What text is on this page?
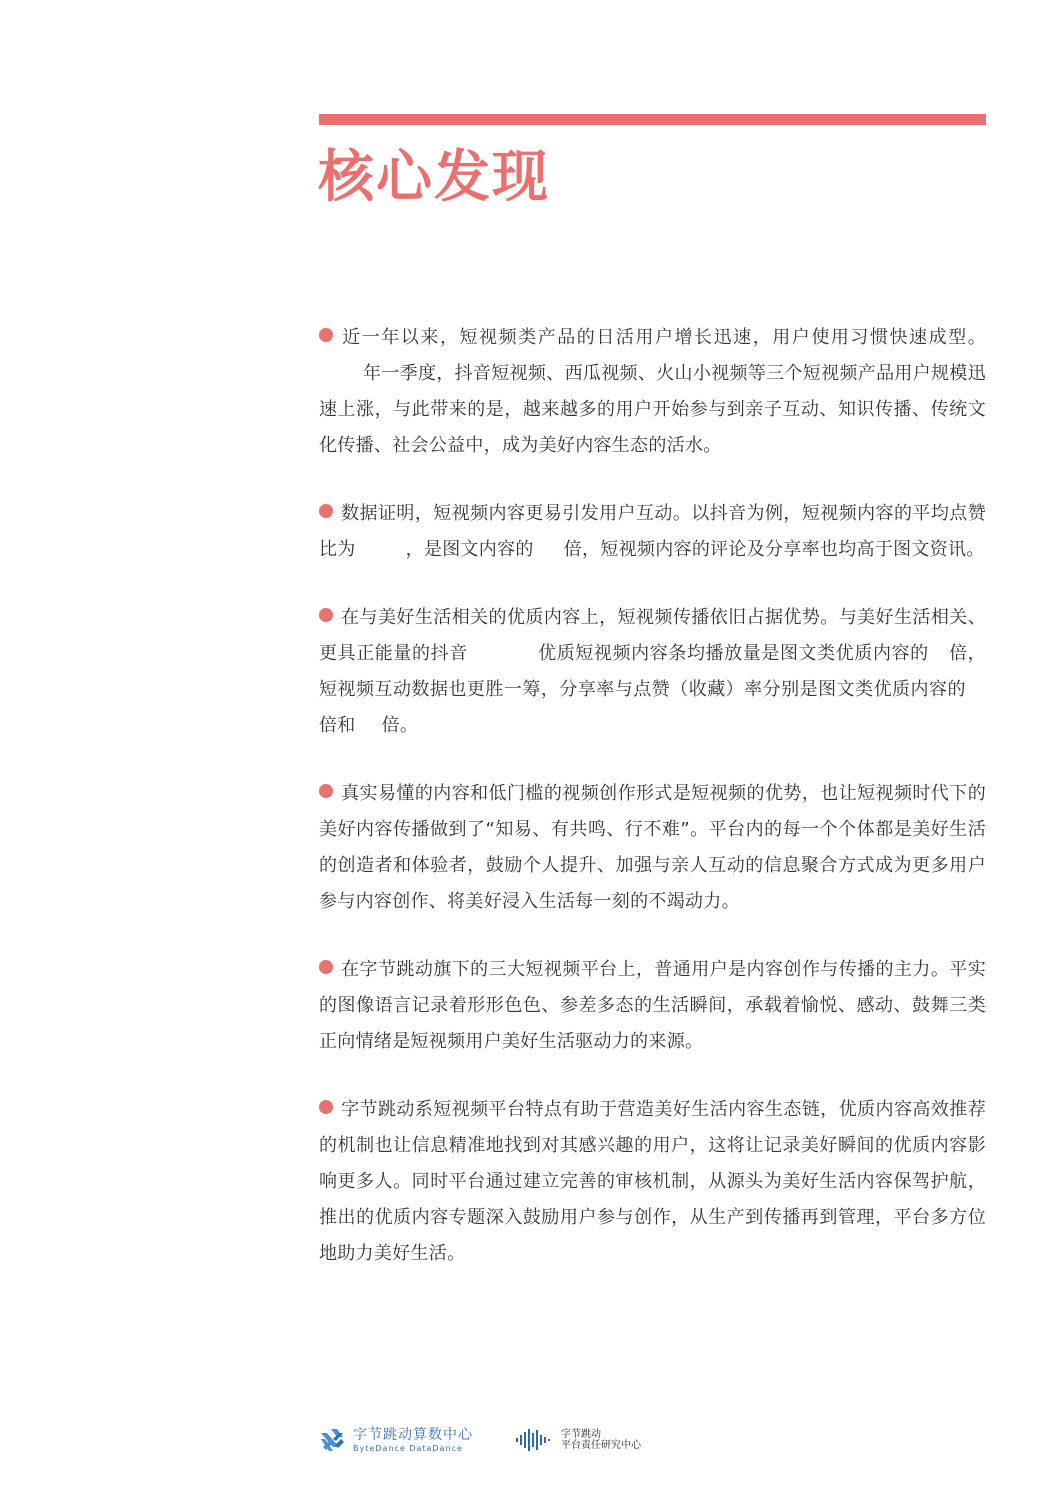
核心发现

近一年以来，短视频类产品的日活用户增长迅速，用户使用习惯快速成型。年一季度，抖音短视频、西瓜视频、火山小视频等三个短视频产品用户规模迅速上涨，与此带来的是，越来越多的用户开始参与到亲子互动、知识传播、传统文化传播、社会公益中，成为美好内容生态的活水。

数据证明，短视频内容更易引发用户互动。以抖音为例，短视频内容的平均点赞比为	，是图文内容的 倍，短视频内容的评论及分享率也均高于图文资讯。

在与美好生活相关的优质内容上，短视频传播依旧占据优势。与美好生活相关、更具正能量的抖音	优质短视频内容条均播放量是图文类优质内容的 倍，短视频互动数据也更胜一筹，分享率与点赞（收藏）率分别是图文类优质内容的倍和 倍。

真实易懂的内容和低门槛的视频创作形式是短视频的优势，也让短视频时代下的美好内容传播做到了“知易、有共鸣、行不难”。平台内的每一个个体都是美好生活的创造者和体验者，鼓励个人提升、加强与亲人互动的信息聚合方式成为更多用户参与内容创作、将美好浸入生活每一刻的不竭动力。

在字节跳动旗下的三大短视频平台上，普通用户是内容创作与传播的主力。平实的图像语言记录着形形色色、参差多态的生活瞬间，承载着愉悦、感动、鼓舞三类正向情绪是短视频用户美好生活驱动力的来源。

字节跳动系短视频平台特点有助于营造美好生活内容生态链，优质内容高效推荐的机制也让信息精准地找到对其感兴趣的用户，这将让记录美好瞬间的优质内容影响更多人。同时平台通过建立完善的审核机制，从源头为美好生活内容保驾护航，推出的优质内容专题深入鼓励用户参与创作，从生产到传播再到管理，平台多方位地助力美好生活。

字节跳动算数中心
ByteDance DataDance
字节跳动
平台责任研究中心
